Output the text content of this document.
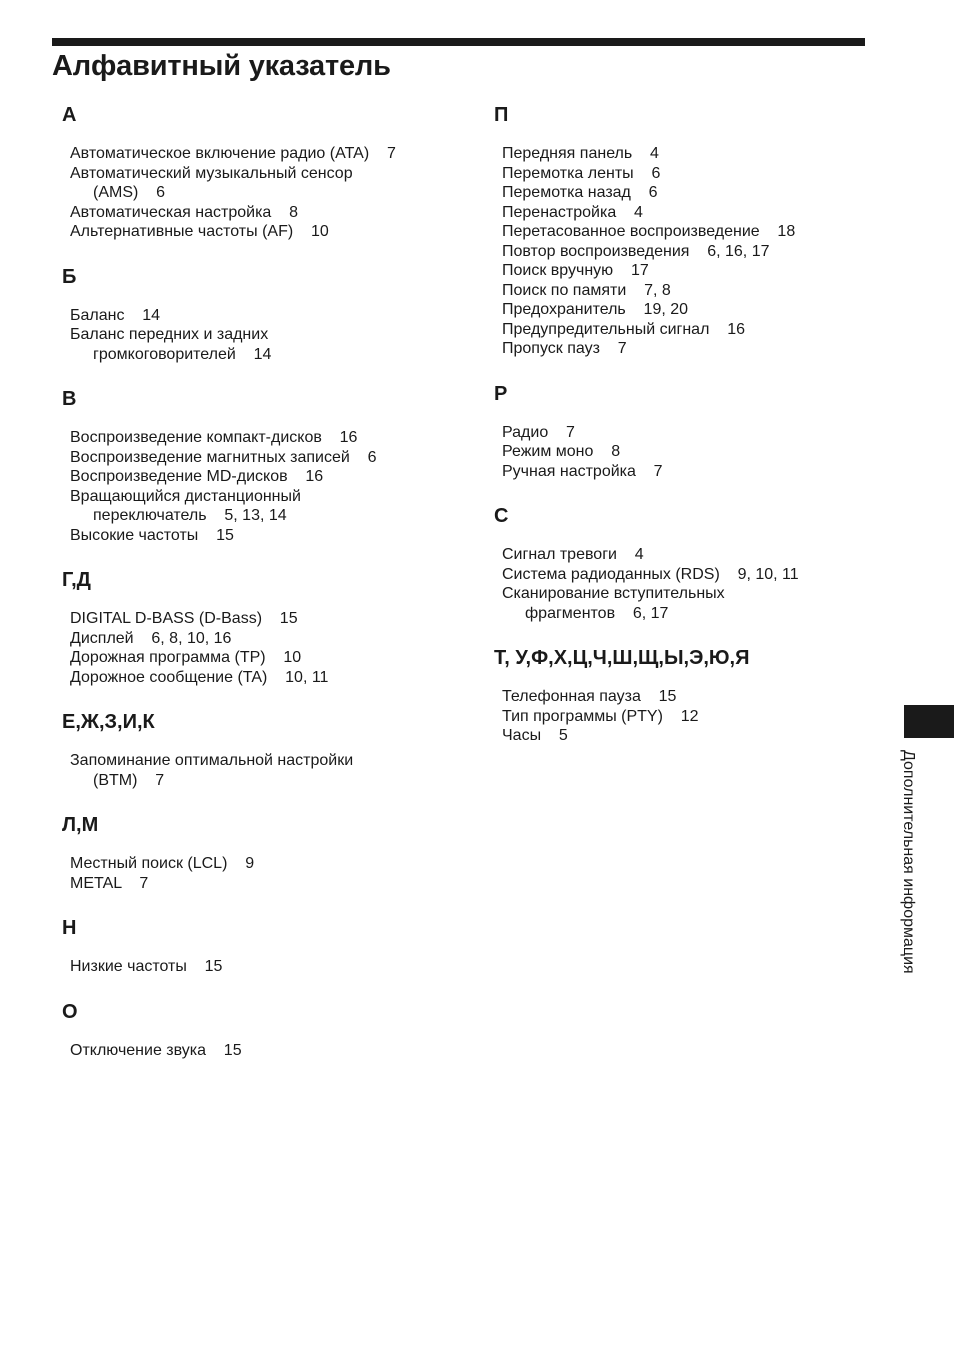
Алфавитный указатель
А
Автоматическое включение радио (ATA)    7
Автоматический музыкальный сенсор
(AMS)    6
Автоматическая настройка    8
Альтернативные частоты (AF)    10
Б
Баланс    14
Баланс передних и задних
громкоговорителей    14
В
Воспроизведение компакт-дисков    16
Воспроизведение магнитных записей    6
Воспроизведение MD-дисков    16
Вращающийся дистанционный
переключатель    5, 13, 14
Высокие частоты    15
Г,Д
DIGITAL D-BASS (D-Bass)    15
Дисплей    6, 8, 10, 16
Дорожная программа (TP)    10
Дорожное сообщение (TA)    10, 11
Е,Ж,З,И,К
Запоминание оптимальной настройки
(BTM)    7
Л,М
Местный поиск (LCL)    9
METAL    7
Н
Низкие частоты    15
О
Отключение звука    15
П
Передняя панель    4
Перемотка ленты    6
Перемотка назад    6
Перенастройка    4
Перетасованное воспроизведение    18
Повтор воспроизведения    6, 16, 17
Поиск вручную    17
Поиск по памяти    7, 8
Предохранитель    19, 20
Предупредительный сигнал    16
Пропуск пауз    7
Р
Радио    7
Режим моно    8
Ручная настройка    7
С
Сигнал тревоги    4
Система радиоданных (RDS)    9, 10, 11
Сканирование вступительных
фрагментов    6, 17
Т, У,Ф,Х,Ц,Ч,Ш,Щ,Ы,Э,Ю,Я
Телефонная пауза    15
Тип программы (PTY)    12
Часы    5
Дополнительная информация
